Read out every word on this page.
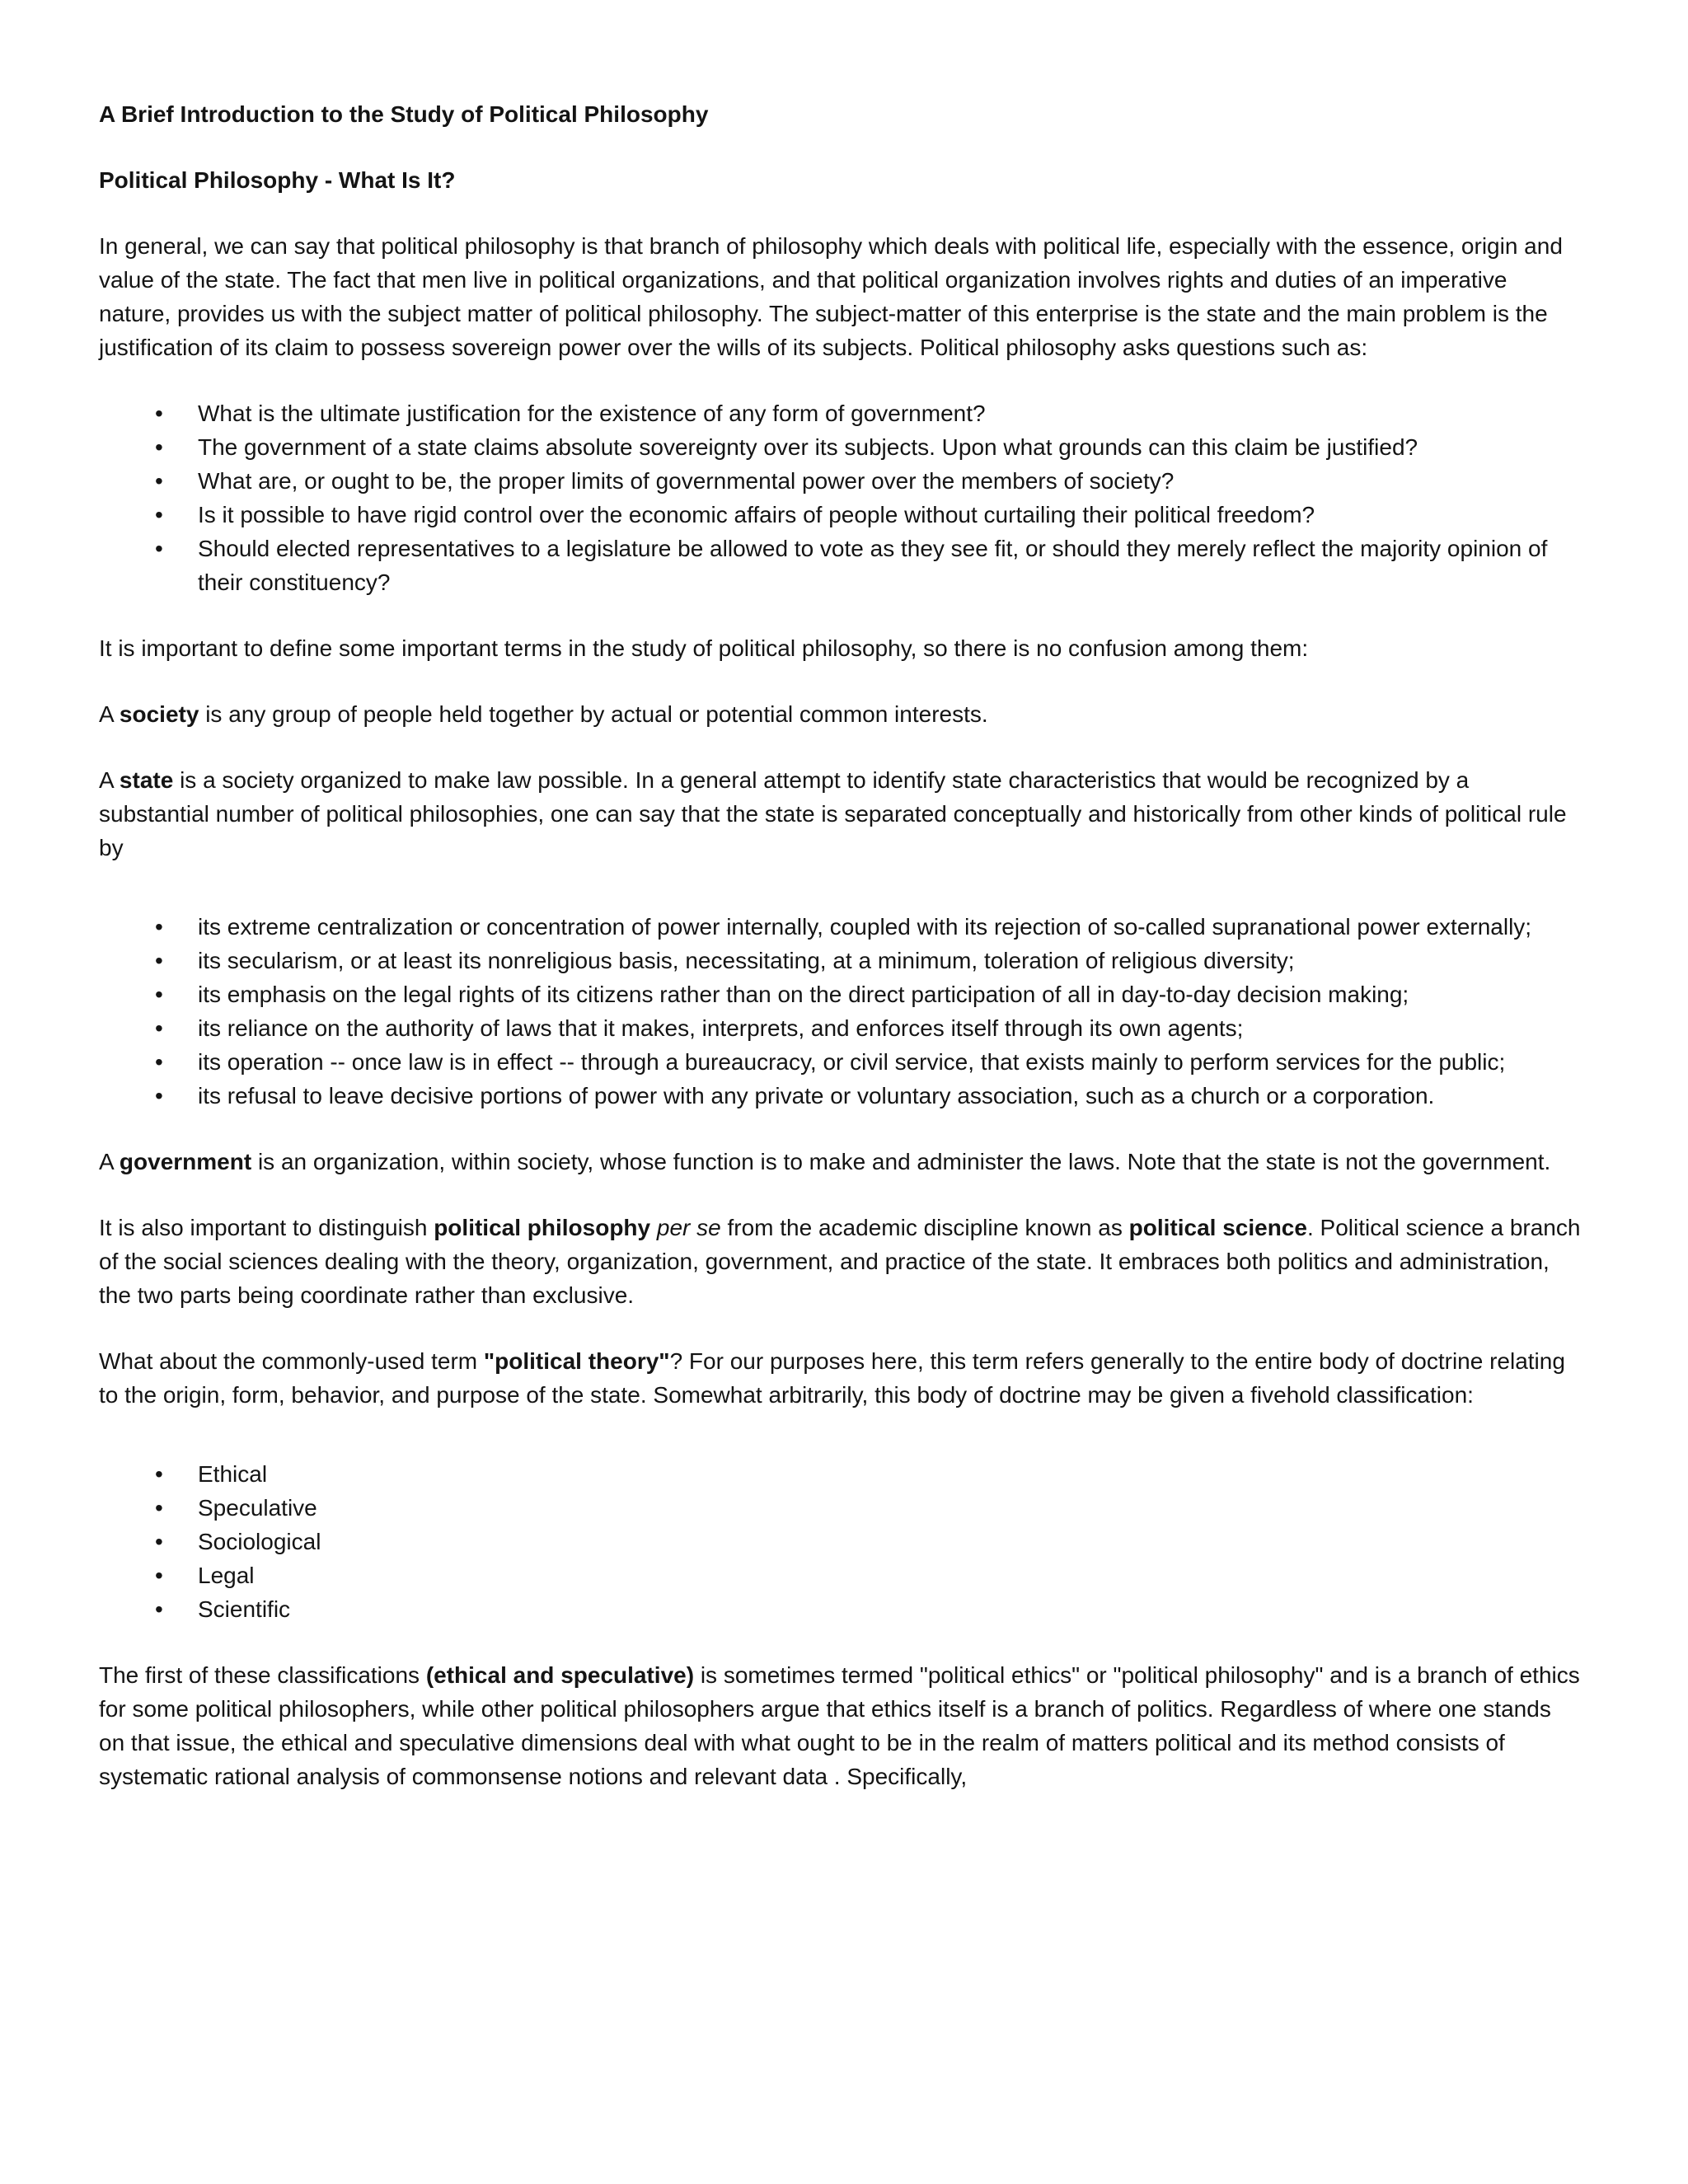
A Brief Introduction to the Study of Political Philosophy
Political Philosophy - What Is It?

In general, we can say that political philosophy is that branch of philosophy which deals with political life, especially with the essence, origin and value of the state. The fact that men live in political organizations, and that political organization involves rights and duties of an imperative nature, provides us with the subject matter of political philosophy. The subject-matter of this enterprise is the state and the main problem is the justification of its claim to possess sovereign power over the wills of its subjects. Political philosophy asks questions such as:

• What is the ultimate justification for the existence of any form of government?
• The government of a state claims absolute sovereignty over its subjects. Upon what grounds can this claim be justified?
• What are, or ought to be, the proper limits of governmental power over the members of society?
• Is it possible to have rigid control over the economic affairs of people without curtailing their political freedom?
• Should elected representatives to a legislature be allowed to vote as they see fit, or should they merely reflect the majority opinion of their constituency?

It is important to define some important terms in the study of political philosophy, so there is no confusion among them:

A society is any group of people held together by actual or potential common interests.

A state is a society organized to make law possible. In a general attempt to identify state characteristics that would be recognized by a substantial number of political philosophies, one can say that the state is separated conceptually and historically from other kinds of political rule by

• its extreme centralization or concentration of power internally, coupled with its rejection of so-called supranational power externally;
• its secularism, or at least its nonreligious basis, necessitating, at a minimum, toleration of religious diversity;
• its emphasis on the legal rights of its citizens rather than on the direct participation of all in day-to-day decision making;
• its reliance on the authority of laws that it makes, interprets, and enforces itself through its own agents;
• its operation -- once law is in effect -- through a bureaucracy, or civil service, that exists mainly to perform services for the public;
• its refusal to leave decisive portions of power with any private or voluntary association, such as a church or a corporation.

A government is an organization, within society, whose function is to make and administer the laws. Note that the state is not the government.

It is also important to distinguish political philosophy per se from the academic discipline known as political science. Political science a branch of the social sciences dealing with the theory, organization, government, and practice of the state. It embraces both politics and administration, the two parts being coordinate rather than exclusive.

What about the commonly-used term "political theory"? For our purposes here, this term refers generally to the entire body of doctrine relating to the origin, form, behavior, and purpose of the state. Somewhat arbitrarily, this body of doctrine may be given a fivehold classification:

• Ethical
• Speculative
• Sociological
• Legal
• Scientific

The first of these classifications (ethical and speculative) is sometimes termed "political ethics" or "political philosophy" and is a branch of ethics for some political philosophers, while other political philosophers argue that ethics itself is a branch of politics. Regardless of where one stands on that issue, the ethical and speculative dimensions deal with what ought to be in the realm of matters political and its method consists of systematic rational analysis of commonsense notions and relevant data . Specifically,
